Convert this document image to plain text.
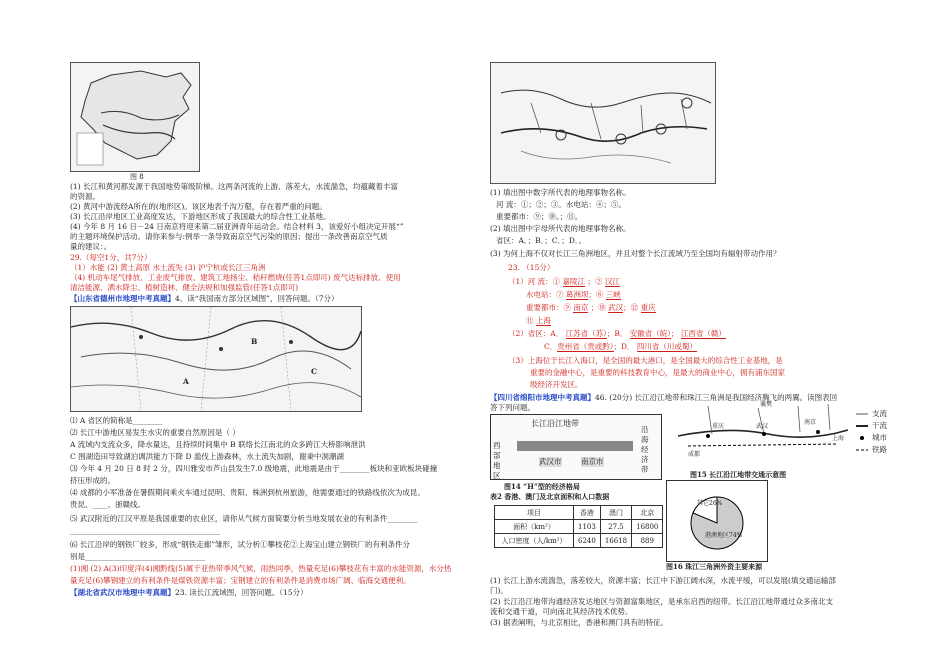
图 8
(1) 长江和黄河都发源于我国地势第级阶梯。这两条河流的上游、落差大，水流湍急，均蕴藏着丰富
的资源。
(2) 黄河中游流经A所在的(地形区)。该区地表千沟万壑，存在着严重的问题。
(3) 长江沿岸地区工业高度发达，下游地区形成了我国最大的综合性工业基地。
(4) 今年 8 月 16 日－24 日南京将迎来第二届亚洲青年运动会。结合材料 3，该爱好小组决定开展“”
的主题环境保护活动。请你来参与:例举一条导致南京空气污染的原因；提出一条改善南京空气质
量的建议：。
29.（每空1分，共7分）
（1）水能 (2) 黄土高原 水土流失 (3) 沪宁杭或长江三角洲
（4) 机动车尾气排放、工业废气排放、建筑工地扬尘、秸秆燃烧(任答1点即可) 废气达标排放、使用
清洁能源、洒水降尘、植树造林、健全法规和加强监管(任答1点即可)
【山东省德州市地理中考真题】4、读“我国南方部分区域图”，回答问题。（7分）
A
B
C
⑴ A 省区的简称是________
⑵ 长江中游地区易发生水灾的重要自然原因是（ ）
A 流域内支流众多，降水量达，且持续时间集中 B 联络长江南北的众多跨江大桥影响泄洪
C 围湖造田导致湖泊调洪能力下降 D 滥伐上游森林，水土流失加剧，谢秉中洞潮湖
⑶ 今年 4 月 20 日 8 时 2 分，四川雅安市芦山县发生7.0 级地震，此地震是由于________板块和亚欧板块碰撞
挤压形成的。
⑷ 成都的小军准备在暑假期间乘火车通过昆明、贵阳、株洲到杭州旅游，他需要通过的铁路线依次为成昆、
贵昆、____、浙赣线。
⑸ 武汉附近的江汉平原是我国重要的农业区，请你从气候方面简要分析当地发展农业的有利条件________
________________________________________
⑹ 长江沿岸的钢铁厂较多，形成“钢铁走廊”雏形，试分析①攀枝花②上海宝山建立钢铁厂的有利条件分
别是________________________________
(1)湘 (2) A(3)印度洋(4)湘黔线(5)属于亚热带季风气候，雨热同季，热量充足(6)攀枝花有丰富的水能资源，水分热
量充足(6)攀钢建立的有利条件是煤铁资源丰富；宝钢建立的有利条件是消费市场广阔、临海交通便利。
【湖北省武汉市地理中考真题】23. 读长江流域图，回答问题。（15分）
(1) 填出图中数字所代表的地理事物名称。
河 流：①；②；③。水电站：④；⑤。
重要都市：⑨；⑩。；⑪。
(2) 填出图中字母所代表的地理事物名称。
省区：A．；B．；C．；D．。
(3) 为何上海不仅对长江三角洲地区，并且对整个长江流域乃至全国均有辐射带动作用？
23. （15分）
（1）河 流：① 嘉陵江 ；② 汉江
水电站：⑦ 葛洲坝；⑧ 三峡
重要都市：⑨ 南京 ；⑩ 武汉；⑫ 重庆
⑪ 上海
（2）省区：A． 江苏省（苏）；B． 安徽省（皖）； 江西省（赣）
C．贵州省（贵或黔）；D． 四川省（川或蜀）
（3）上海位于长江入海口，是全国的最大港口，是全国最大的综合性工业基地，是
重要的金融中心，是重要的科技教育中心，是最大的商业中心，拥有浦东国家
级经济开发区。
【四川省绵阳市地理中考真题】46. (20分) 长江沿江地带和珠江三角洲是我国经济腾飞的两翼。读图表回
答下列问题。
长江沿江地带
西部地区
沿海经济带
武汉市	南京市
图14 “H”型的经济格局
支流
干流
城市
铁路
成都
重庆	武汉
南京
上海
襄樊
图15 长江沿江地带交通示意图
表2 香港、澳门及北京面积和人口数据
项目	香港	澳门	北京
面积（km²）	1103	27.5	16800
人口密度（人/km²）	6240	16618	889
其它26%
港澳地区74%
图16 珠江三角洲外资主要来源
(1) 长江上游水流湍急，落差较大，资源丰富；长江中下游江阔水深，水流平缓，可以发展(填交通运输部
门)。
(2) 长江沿江地带沟通经济发达地区与资源富集地区，是承东启西的纽带。长江沿江地带通过众多南北支
流和交通干道，可向南北其经济技术优势。
(3) 据表阐明，与北京相比，香港和澳门具有的特征。
